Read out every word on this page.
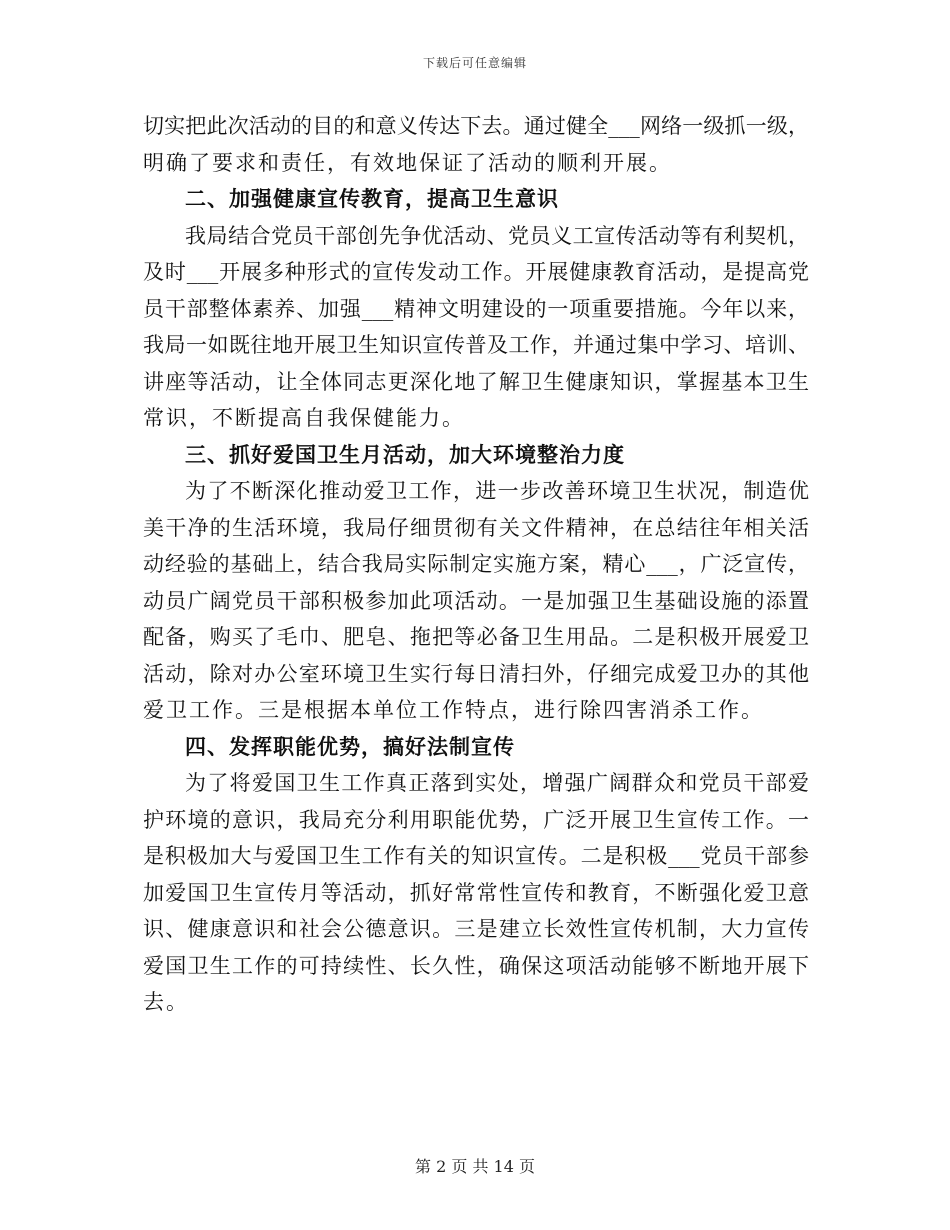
下载后可任意编辑
切实把此次活动的目的和意义传达下去。通过健全___网络一级抓一级，
明确了要求和责任，有效地保证了活动的顺利开展。
二、加强健康宣传教育，提高卫生意识
我局结合党员干部创先争优活动、党员义工宣传活动等有利契机，
及时___开展多种形式的宣传发动工作。开展健康教育活动，是提高党
员干部整体素养、加强___精神文明建设的一项重要措施。今年以来，
我局一如既往地开展卫生知识宣传普及工作，并通过集中学习、培训、
讲座等活动，让全体同志更深化地了解卫生健康知识，掌握基本卫生
常识，不断提高自我保健能力。
三、抓好爱国卫生月活动，加大环境整治力度
为了不断深化推动爱卫工作，进一步改善环境卫生状况，制造优
美干净的生活环境，我局仔细贯彻有关文件精神，在总结往年相关活
动经验的基础上，结合我局实际制定实施方案，精心___，广泛宣传，
动员广阔党员干部积极参加此项活动。一是加强卫生基础设施的添置
配备，购买了毛巾、肥皂、拖把等必备卫生用品。二是积极开展爱卫
活动，除对办公室环境卫生实行每日清扫外，仔细完成爱卫办的其他
爱卫工作。三是根据本单位工作特点，进行除四害消杀工作。
四、发挥职能优势，搞好法制宣传
为了将爱国卫生工作真正落到实处，增强广阔群众和党员干部爱
护环境的意识，我局充分利用职能优势，广泛开展卫生宣传工作。一
是积极加大与爱国卫生工作有关的知识宣传。二是积极___党员干部参
加爱国卫生宣传月等活动，抓好常常性宣传和教育，不断强化爱卫意
识、健康意识和社会公德意识。三是建立长效性宣传机制，大力宣传
爱国卫生工作的可持续性、长久性，确保这项活动能够不断地开展下
去。
第 2 页 共 14 页
